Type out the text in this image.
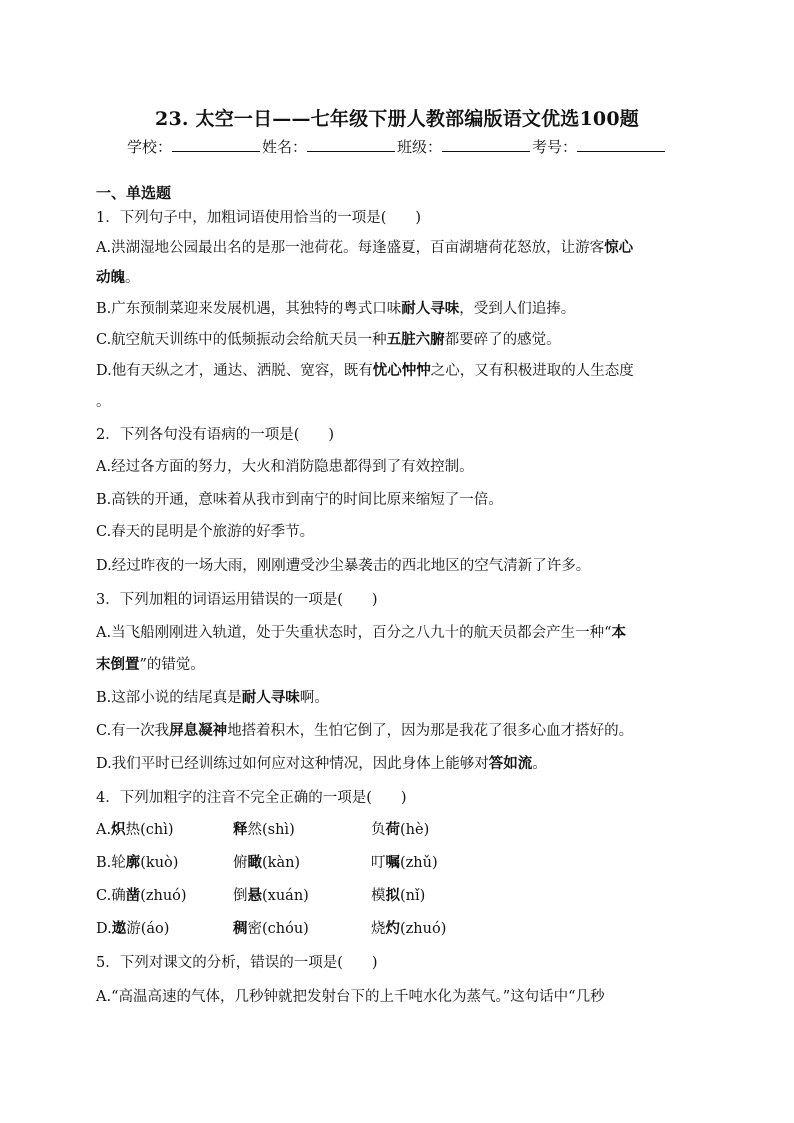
23. 太空一日——七年级下册人教部编版语文优选100题
学校：	姓名：	班级：	考号：
一、单选题
1．下列句子中，加粗词语使用恰当的一项是(　　)
A.洪湖湿地公园最出名的是那一池荷花。每逢盛夏，百亩湖塘荷花怒放，让游客惊心
动魄。
B.广东预制菜迎来发展机遇，其独特的粤式口味耐人寻味，受到人们追捧。
C.航空航天训练中的低频振动会给航天员一种五脏六腑都要碎了的感觉。
D.他有天纵之才，通达、洒脱、宽容，既有忧心忡忡之心，又有积极进取的人生态度
。
2．下列各句没有语病的一项是(　　)
A.经过各方面的努力，大火和消防隐患都得到了有效控制。
B.高铁的开通，意味着从我市到南宁的时间比原来缩短了一倍。
C.春天的昆明是个旅游的好季节。
D.经过昨夜的一场大雨，刚刚遭受沙尘暴袭击的西北地区的空气清新了许多。
3．下列加粗的词语运用错误的一项是(　　)
A.当飞船刚刚进入轨道，处于失重状态时，百分之八九十的航天员都会产生一种“本
末倒置”的错觉。
B.这部小说的结尾真是耐人寻味啊。
C.有一次我屏息凝神地搭着积木，生怕它倒了，因为那是我花了很多心血才搭好的。
D.我们平时已经训练过如何应对这种情况，因此身体上能够对答如流。
4．下列加粗字的注音不完全正确的一项是(　　)
A.炽热(chì)	释然(shì)	负荷(hè)
B.轮廓(kuò)	俯瞰(kàn)	叮嘱(zhǔ)
C.确凿(zhuó)	倒悬(xuán)	模拟(nǐ)
D.遨游(áo)	稠密(chóu)	烧灼(zhuó)
5．下列对课文的分析，错误的一项是(　　)
A.“高温高速的气体，几秒钟就把发射台下的上千吨水化为蒸气。”这句话中“几秒
